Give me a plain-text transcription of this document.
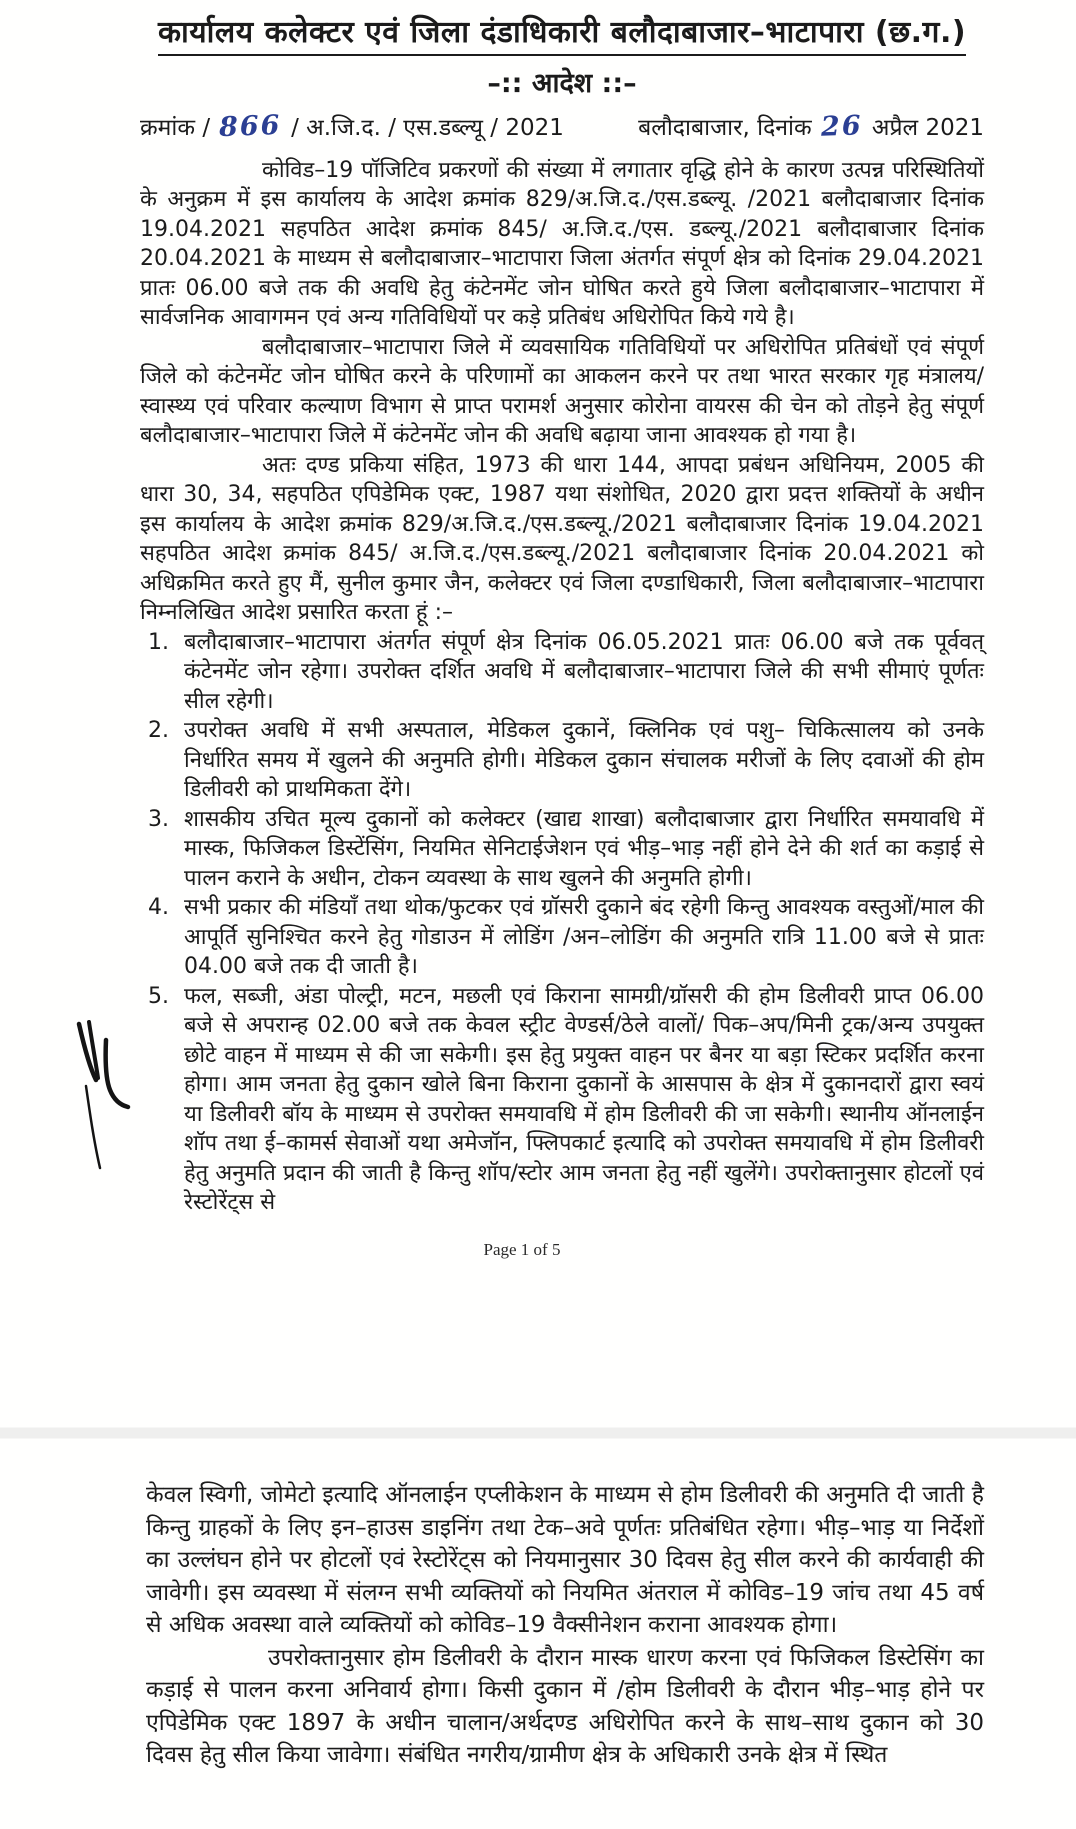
कार्यालय कलेक्टर एवं जिला दंडाधिकारी बलौदाबाजार–भाटापारा (छ.ग.)
–:: आदेश ::–
क्रमांक / 866 / अ.जि.द. / एस.डब्ल्यू / 2021	बलौदाबाजार, दिनांक 26 अप्रैल 2021

कोविड–19 पॉजिटिव प्रकरणों की संख्या में लगातार वृद्धि होने के कारण उत्पन्न परिस्थितियों के अनुक्रम में इस कार्यालय के आदेश क्रमांक 829/अ.जि.द./एस.डब्ल्यू. /2021 बलौदाबाजार दिनांक 19.04.2021 सहपठित आदेश क्रमांक 845/ अ.जि.द./एस. डब्ल्यू./2021 बलौदाबाजार दिनांक 20.04.2021 के माध्यम से बलौदाबाजार–भाटापारा जिला अंतर्गत संपूर्ण क्षेत्र को दिनांक 29.04.2021 प्रातः 06.00 बजे तक की अवधि हेतु कंटेनमेंट जोन घोषित करते हुये जिला बलौदाबाजार–भाटापारा में सार्वजनिक आवागमन एवं अन्य गतिविधियों पर कड़े प्रतिबंध अधिरोपित किये गये है।

बलौदाबाजार–भाटापारा जिले में व्यवसायिक गतिविधियों पर अधिरोपित प्रतिबंधों एवं संपूर्ण जिले को कंटेनमेंट जोन घोषित करने के परिणामों का आकलन करने पर तथा भारत सरकार गृह मंत्रालय/स्वास्थ्य एवं परिवार कल्याण विभाग से प्राप्त परामर्श अनुसार कोरोना वायरस की चेन को तोड़ने हेतु संपूर्ण बलौदाबाजार–भाटापारा जिले में कंटेनमेंट जोन की अवधि बढ़ाया जाना आवश्यक हो गया है।

अतः दण्ड प्रकिया संहित, 1973 की धारा 144, आपदा प्रबंधन अधिनियम, 2005 की धारा 30, 34, सहपठित एपिडेमिक एक्ट, 1987 यथा संशोधित, 2020 द्वारा प्रदत्त शक्तियों के अधीन इस कार्यालय के आदेश क्रमांक 829/अ.जि.द./एस.डब्ल्यू./2021 बलौदाबाजार दिनांक 19.04.2021 सहपठित आदेश क्रमांक 845/ अ.जि.द./एस.डब्ल्यू./2021 बलौदाबाजार दिनांक 20.04.2021 को अधिक्रमित करते हुए मैं, सुनील कुमार जैन, कलेक्टर एवं जिला दण्डाधिकारी, जिला बलौदाबाजार–भाटापारा निम्नलिखित आदेश प्रसारित करता हूं :–

1. बलौदाबाजार–भाटापारा अंतर्गत संपूर्ण क्षेत्र दिनांक 06.05.2021 प्रातः 06.00 बजे तक पूर्ववत् कंटेनमेंट जोन रहेगा। उपरोक्त दर्शित अवधि में बलौदाबाजार–भाटापारा जिले की सभी सीमाएं पूर्णतः सील रहेगी।
2. उपरोक्त अवधि में सभी अस्पताल, मेडिकल दुकानें, क्लिनिक एवं पशु– चिकित्सालय को उनके निर्धारित समय में खुलने की अनुमति होगी। मेडिकल दुकान संचालक मरीजों के लिए दवाओं की होम डिलीवरी को प्राथमिकता देंगे।
3. शासकीय उचित मूल्य दुकानों को कलेक्टर (खाद्य शाखा) बलौदाबाजार द्वारा निर्धारित समयावधि में मास्क, फिजिकल डिस्टेंसिंग, नियमित सेनिटाईजेशन एवं भीड़–भाड़ नहीं होने देने की शर्त का कड़ाई से पालन कराने के अधीन, टोकन व्यवस्था के साथ खुलने की अनुमति होगी।
4. सभी प्रकार की मंडियाँ तथा थोक/फुटकर एवं ग्रॉसरी दुकाने बंद रहेगी किन्तु आवश्यक वस्तुओं/माल की आपूर्ति सुनिश्चित करने हेतु गोडाउन में लोडिंग /अन–लोडिंग की अनुमति रात्रि 11.00 बजे से प्रातः 04.00 बजे तक दी जाती है।
5. फल, सब्जी, अंडा पोल्ट्री, मटन, मछली एवं किराना सामग्री/ग्रॉसरी की होम डिलीवरी प्राप्त 06.00 बजे से अपरान्ह 02.00 बजे तक केवल स्ट्रीट वेण्डर्स/ठेले वालों/ पिक–अप/मिनी ट्रक/अन्य उपयुक्त छोटे वाहन में माध्यम से की जा सकेगी। इस हेतु प्रयुक्त वाहन पर बैनर या बड़ा स्टिकर प्रदर्शित करना होगा। आम जनता हेतु दुकान खोले बिना किराना दुकानों के आसपास के क्षेत्र में दुकानदारों द्वारा स्वयं या डिलीवरी बॉय के माध्यम से उपरोक्त समयावधि में होम डिलीवरी की जा सकेगी। स्थानीय ऑनलाईन शॉप तथा ई–कामर्स सेवाओं यथा अमेजॉन, फ्लिपकार्ट इत्यादि को उपरोक्त समयावधि में होम डिलीवरी हेतु अनुमति प्रदान की जाती है किन्तु शॉप/स्टोर आम जनता हेतु नहीं खुलेंगे। उपरोक्तानुसार होटलों एवं रेस्टोरेंट्स से
Page 1 of 5

केवल स्विगी, जोमेटो इत्यादि ऑनलाईन एप्लीकेशन के माध्यम से होम डिलीवरी की अनुमति दी जाती है किन्तु ग्राहकों के लिए इन–हाउस डाइनिंग तथा टेक–अवे पूर्णतः प्रतिबंधित रहेगा। भीड़–भाड़ या निर्देशों का उल्लंघन होने पर होटलों एवं रेस्टोरेंट्स को नियमानुसार 30 दिवस हेतु सील करने की कार्यवाही की जावेगी। इस व्यवस्था में संलग्न सभी व्यक्तियों को नियमित अंतराल में कोविड–19 जांच तथा 45 वर्ष से अधिक अवस्था वाले व्यक्तियों को कोविड–19 वैक्सीनेशन कराना आवश्यक होगा।

उपरोक्तानुसार होम डिलीवरी के दौरान मास्क धारण करना एवं फिजिकल डिस्टेसिंग का कड़ाई से पालन करना अनिवार्य होगा। किसी दुकान में /होम डिलीवरी के दौरान भीड़–भाड़ होने पर एपिडेमिक एक्ट 1897 के अधीन चालान/अर्थदण्ड अधिरोपित करने के साथ–साथ दुकान को 30 दिवस हेतु सील किया जावेगा। संबंधित नगरीय/ग्रामीण क्षेत्र के अधिकारी उनके क्षेत्र में स्थित
